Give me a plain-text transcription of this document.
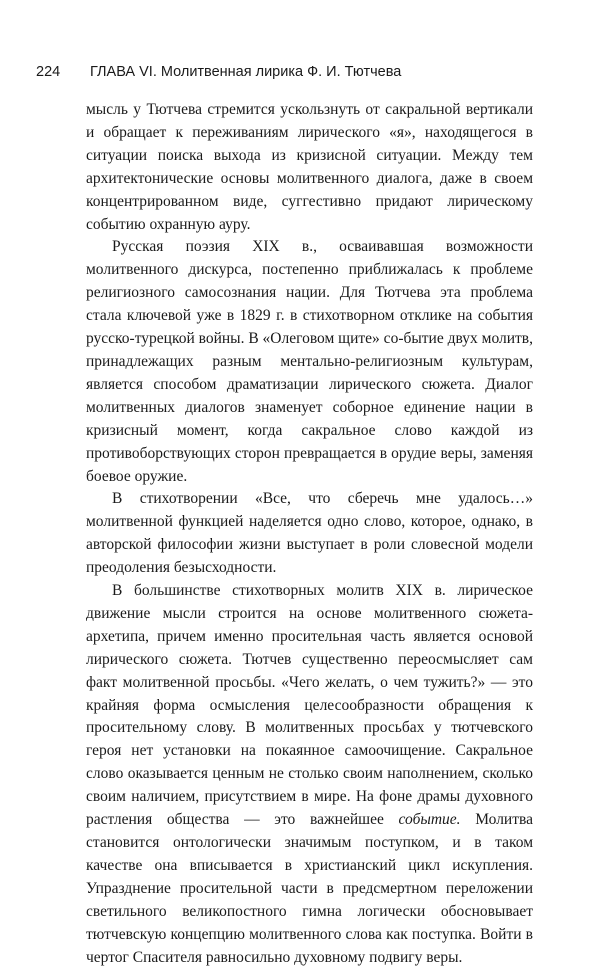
224 ГЛАВА VI. Молитвенная лирика Ф. И. Тютчева

мысль у Тютчева стремится ускользнуть от сакральной вертикали и обращает к переживаниям лирического «я», находящегося в ситуации поиска выхода из кризисной ситуации. Между тем архитектонические основы молитвенного диалога, даже в своем концентрированном виде, суггестивно придают лирическому событию охранную ауру.

Русская поэзия XIX в., осваивавшая возможности молитвенного дискурса, постепенно приближалась к проблеме религиозного самосознания нации. Для Тютчева эта проблема стала ключевой уже в 1829 г. в стихотворном отклике на события русско-турецкой войны. В «Олеговом щите» со-бытие двух молитв, принадлежащих разным ментально-религиозным культурам, является способом драматизации лирического сюжета. Диалог молитвенных диалогов знаменует соборное единение нации в кризисный момент, когда сакральное слово каждой из противоборствующих сторон превращается в орудие веры, заменяя боевое оружие.

В стихотворении «Все, что сберечь мне удалось…» молитвенной функцией наделяется одно слово, которое, однако, в авторской философии жизни выступает в роли словесной модели преодоления безысходности.

В большинстве стихотворных молитв XIX в. лирическое движение мысли строится на основе молитвенного сюжета-архетипа, причем именно просительная часть является основой лирического сюжета. Тютчев существенно переосмысляет сам факт молитвенной просьбы. «Чего желать, о чем тужить?» — это крайняя форма осмысления целесообразности обращения к просительному слову. В молитвенных просьбах у тютчевского героя нет установки на покаянное самоочищение. Сакральное слово оказывается ценным не столько своим наполнением, сколько своим наличием, присутствием в мире. На фоне драмы духовного растления общества — это важнейшее событие. Молитва становится онтологически значимым поступком, и в таком качестве она вписывается в христианский цикл искупления. Упразднение просительной части в предсмертном переложении светильного великопостного гимна логически обосновывает тютчевскую концепцию молитвенного слова как поступка. Войти в чертог Спасителя равносильно духовному подвигу веры.
